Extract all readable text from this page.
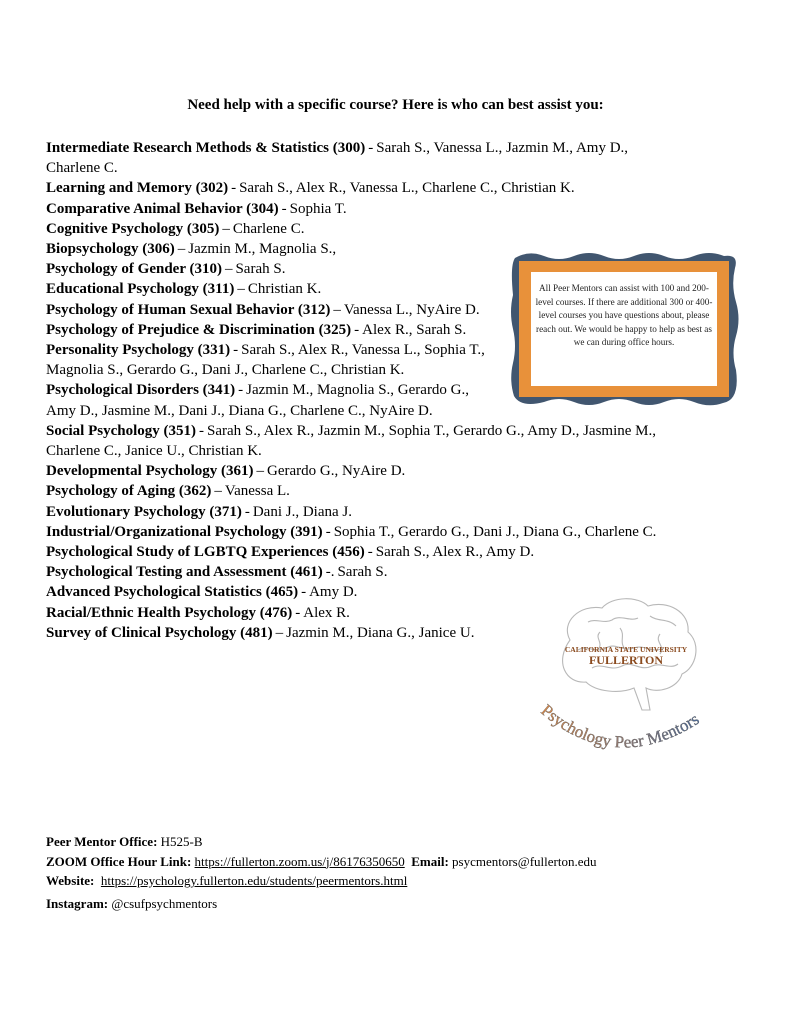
Need help with a specific course? Here is who can best assist you:
Intermediate Research Methods & Statistics (300) - Sarah S., Vanessa L., Jazmin M., Amy D., Charlene C.
Learning and Memory (302) - Sarah S., Alex R., Vanessa L., Charlene C., Christian K.
Comparative Animal Behavior (304) - Sophia T.
Cognitive Psychology (305) – Charlene C.
Biopsychology (306) – Jazmin M., Magnolia S.,
Psychology of Gender (310) – Sarah S.
Educational Psychology (311) – Christian K.
Psychology of Human Sexual Behavior (312) – Vanessa L., NyAire D.
Psychology of Prejudice & Discrimination (325) - Alex R., Sarah S.
Personality Psychology (331) - Sarah S., Alex R., Vanessa L., Sophia T., Magnolia S., Gerardo G., Dani J., Charlene C., Christian K.
Psychological Disorders (341) - Jazmin M., Magnolia S., Gerardo G., Amy D., Jasmine M., Dani J., Diana G., Charlene C., NyAire D.
Social Psychology (351) - Sarah S., Alex R., Jazmin M., Sophia T., Gerardo G., Amy D., Jasmine M., Charlene C., Janice U., Christian K.
Developmental Psychology (361) – Gerardo G., NyAire D.
Psychology of Aging (362) – Vanessa L.
Evolutionary Psychology (371) - Dani J., Diana J.
Industrial/Organizational Psychology (391) - Sophia T., Gerardo G., Dani J., Diana G., Charlene C.
Psychological Study of LGBTQ Experiences (456) - Sarah S., Alex R., Amy D.
Psychological Testing and Assessment (461) -. Sarah S.
Advanced Psychological Statistics (465) - Amy D.
Racial/Ethnic Health Psychology (476) - Alex R.
Survey of Clinical Psychology (481) – Jazmin M., Diana G., Janice U.
All Peer Mentors can assist with 100 and 200-level courses. If there are additional 300 or 400-level courses you have questions about, please reach out. We would be happy to help as best as we can during office hours.
CALIFORNIA STATE UNIVERSITY
FULLERTON
Psychology Peer Mentors
Peer Mentor Office: H525-B
ZOOM Office Hour Link: https://fullerton.zoom.us/j/86176350650 Email: psycmentors@fullerton.edu
Website: https://psychology.fullerton.edu/students/peermentors.html
Instagram: @csufpsychmentors
